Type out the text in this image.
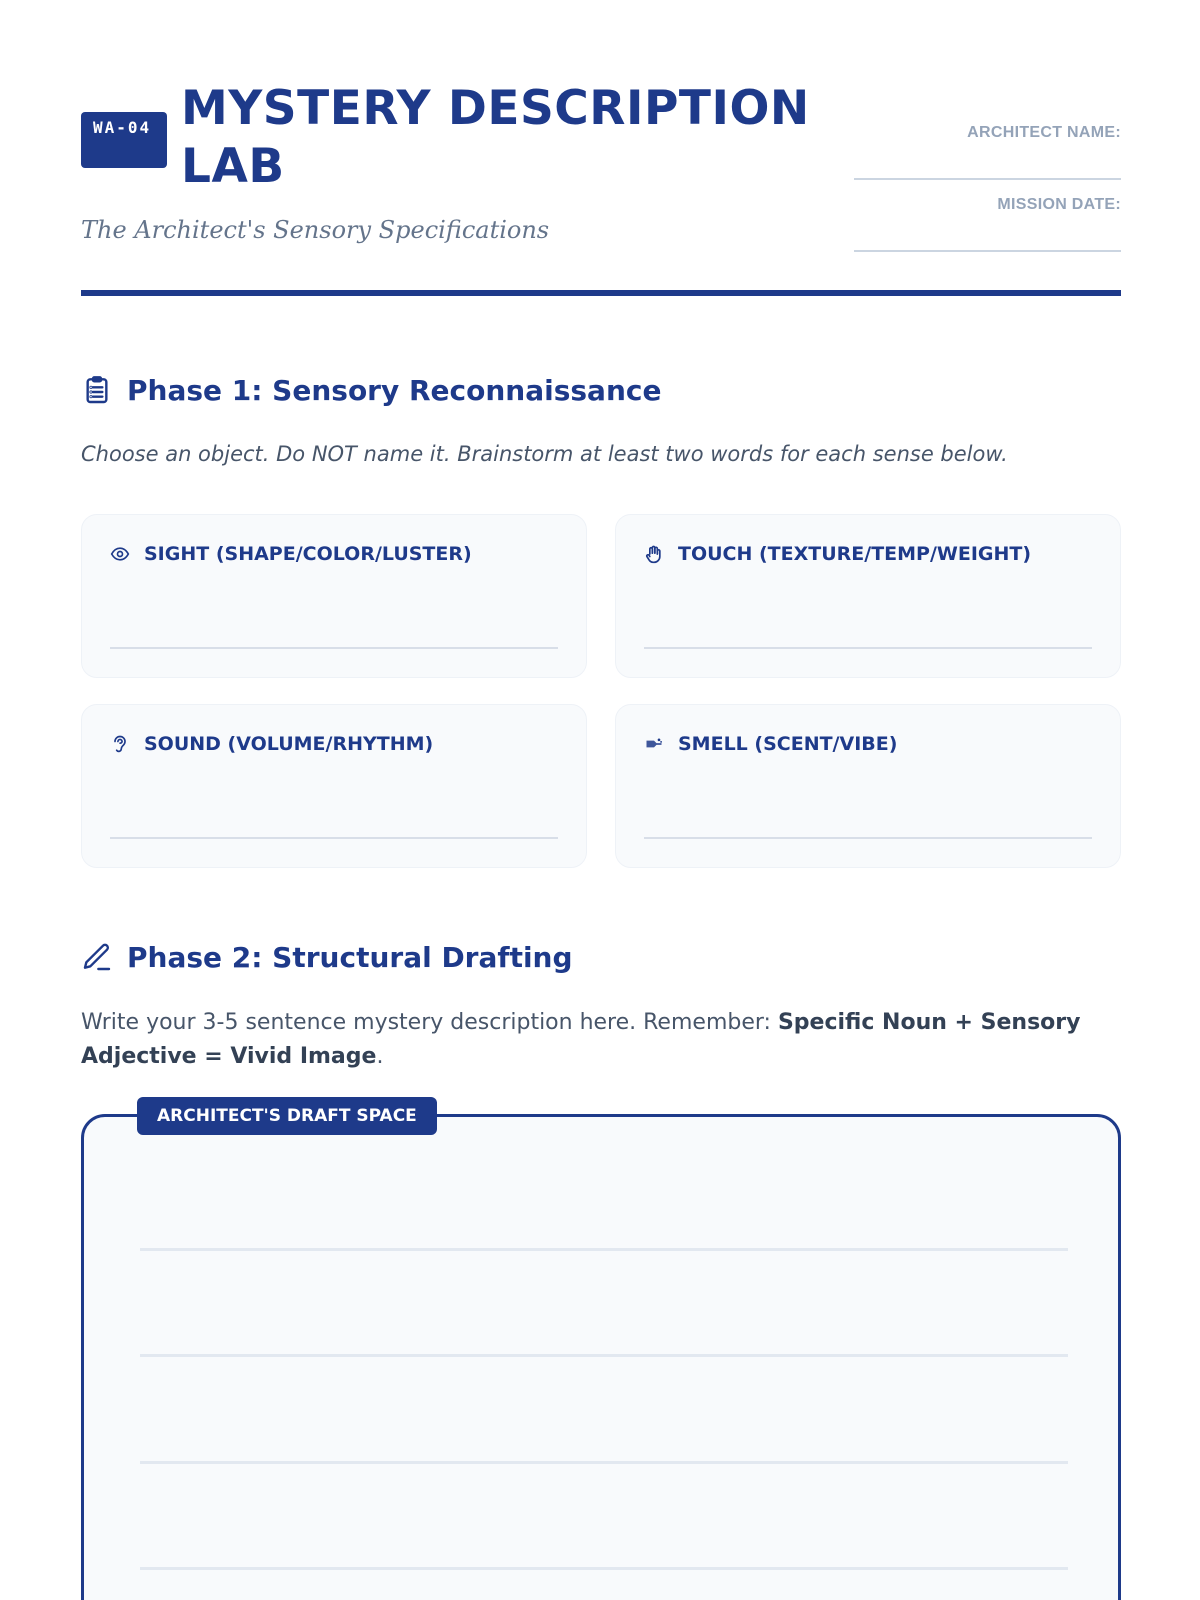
WA-04 MYSTERY DESCRIPTION LAB
The Architect's Sensory Specifications
ARCHITECT NAME:
MISSION DATE:
Phase 1: Sensory Reconnaissance
Choose an object. Do NOT name it. Brainstorm at least two words for each sense below.
SIGHT (SHAPE/COLOR/LUSTER)	TOUCH (TEXTURE/TEMP/WEIGHT)
SOUND (VOLUME/RHYTHM)	SMELL (SCENT/VIBE)
Phase 2: Structural Drafting

Write your 3-5 sentence mystery description here. Remember: Specific Noun + Sensory Adjective = Vivid Image.

ARCHITECT'S DRAFT SPACE
